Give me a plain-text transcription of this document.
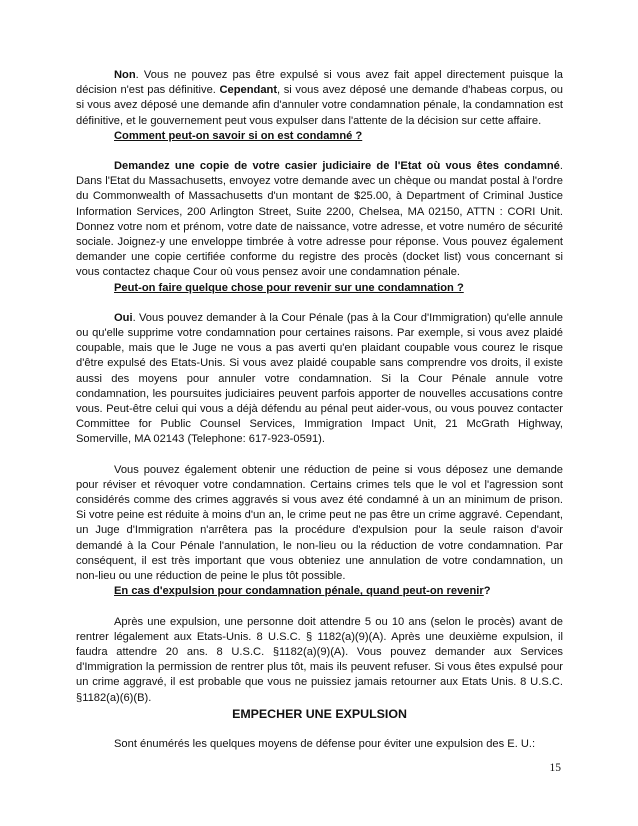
Non. Vous ne pouvez pas être expulsé si vous avez fait appel directement puisque la décision n'est pas définitive. Cependant, si vous avez déposé une demande d'habeas corpus, ou si vous avez déposé une demande afin d'annuler votre condamnation pénale, la condamnation est définitive, et le gouvernement peut vous expulser dans l'attente de la décision sur cette affaire.

Comment peut-on savoir si on est condamné ?

Demandez une copie de votre casier judiciaire de l'Etat où vous êtes condamné. Dans l'Etat du Massachusetts, envoyez votre demande avec un chèque ou mandat postal à l'ordre du Commonwealth of Massachusetts d'un montant de $25.00, à Department of Criminal Justice Information Services, 200 Arlington Street, Suite 2200, Chelsea, MA 02150, ATTN : CORI Unit. Donnez votre nom et prénom, votre date de naissance, votre adresse, et votre numéro de sécurité sociale. Joignez-y une enveloppe timbrée à votre adresse pour réponse. Vous pouvez également demander une copie certifiée conforme du registre des procès (docket list) vous concernant si vous contactez chaque Cour où vous pensez avoir une condamnation pénale.

Peut-on faire quelque chose pour revenir sur une condamnation ?

Oui. Vous pouvez demander à la Cour Pénale (pas à la Cour d'Immigration) qu'elle annule ou qu'elle supprime votre condamnation pour certaines raisons. Par exemple, si vous avez plaidé coupable, mais que le Juge ne vous a pas averti qu'en plaidant coupable vous courez le risque d'être expulsé des Etats-Unis. Si vous avez plaidé coupable sans comprendre vos droits, il existe aussi des moyens pour annuler votre condamnation. Si la Cour Pénale annule votre condamnation, les poursuites judiciaires peuvent parfois apporter de nouvelles accusations contre vous. Peut-être celui qui vous a déjà défendu au pénal peut aider-vous, ou vous pouvez contacter Committee for Public Counsel Services, Immigration Impact Unit, 21 McGrath Highway, Somerville, MA 02143 (Telephone: 617-923-0591).

Vous pouvez également obtenir une réduction de peine si vous déposez une demande pour réviser et révoquer votre condamnation. Certains crimes tels que le vol et l'agression sont considérés comme des crimes aggravés si vous avez été condamné à un an minimum de prison. Si votre peine est réduite à moins d'un an, le crime peut ne pas être un crime aggravé. Cependant, un Juge d'Immigration n'arrêtera pas la procédure d'expulsion pour la seule raison d'avoir demandé à la Cour Pénale l'annulation, le non-lieu ou la réduction de votre condamnation. Par conséquent, il est très important que vous obteniez une annulation de votre condamnation, un non-lieu ou une réduction de peine le plus tôt possible.

En cas d'expulsion pour condamnation pénale, quand peut-on revenir?

Après une expulsion, une personne doit attendre 5 ou 10 ans (selon le procès) avant de rentrer légalement aux Etats-Unis. 8 U.S.C. § 1182(a)(9)(A). Après une deuxième expulsion, il faudra attendre 20 ans. 8 U.S.C. §1182(a)(9)(A). Vous pouvez demander aux Services d'Immigration la permission de rentrer plus tôt, mais ils peuvent refuser. Si vous êtes expulsé pour un crime aggravé, il est probable que vous ne puissiez jamais retourner aux Etats Unis. 8 U.S.C. §1182(a)(6)(B).

EMPECHER UNE EXPULSION

Sont énumérés les quelques moyens de défense pour éviter une expulsion des E. U.:

15
